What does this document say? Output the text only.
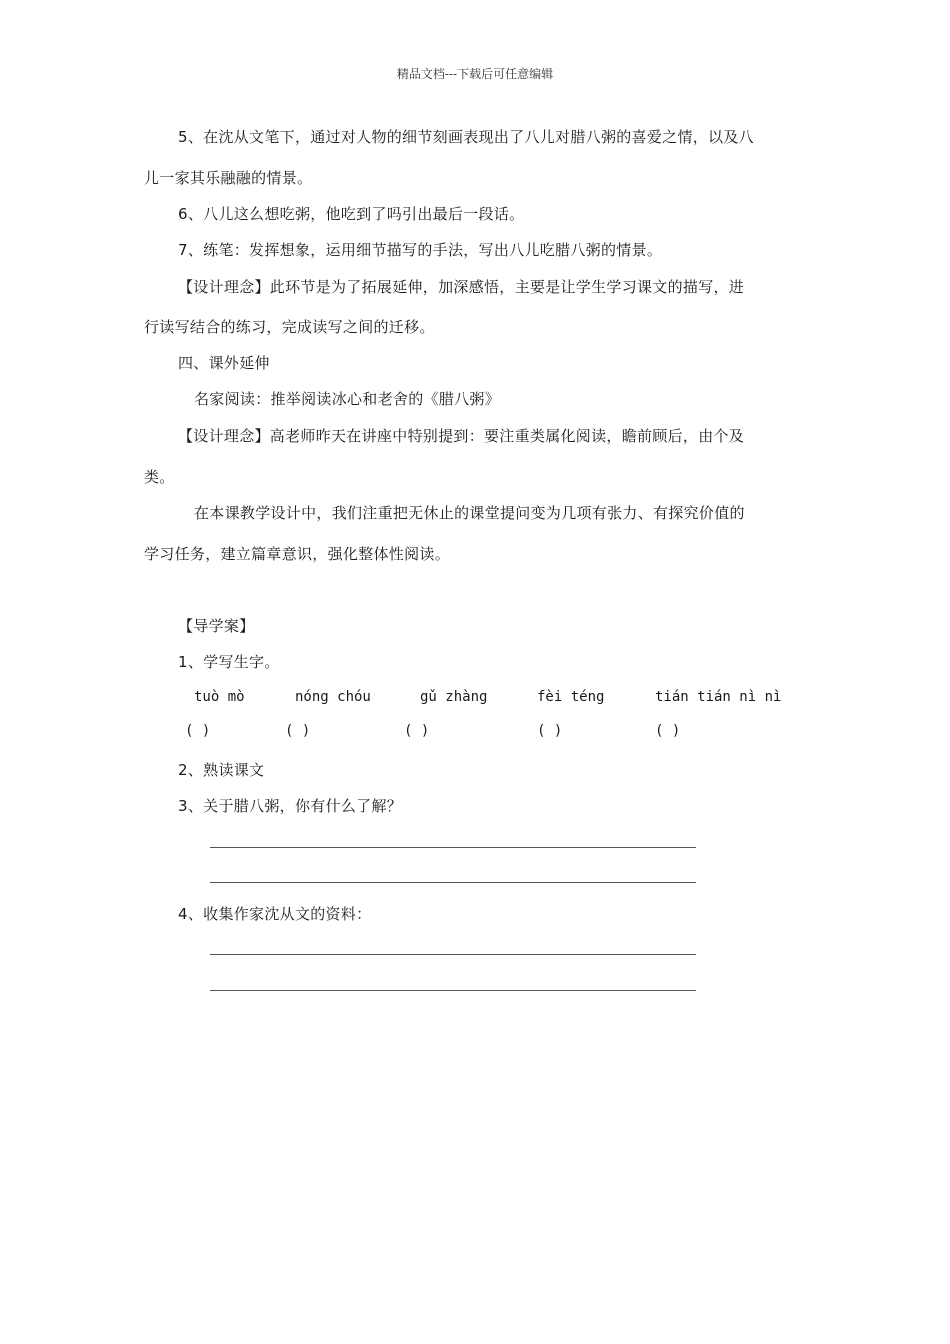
精品文档---下载后可任意编辑
5、在沈从文笔下，通过对人物的细节刻画表现出了八儿对腊八粥的喜爱之情，以及八
儿一家其乐融融的情景。
6、八儿这么想吃粥，他吃到了吗引出最后一段话。
7、练笔：发挥想象，运用细节描写的手法，写出八儿吃腊八粥的情景。
【设计理念】此环节是为了拓展延伸，加深感悟，主要是让学生学习课文的描写，进
行读写结合的练习，完成读写之间的迁移。
四、课外延伸
名家阅读：推举阅读冰心和老舍的《腊八粥》
【设计理念】高老师昨天在讲座中特别提到：要注重类属化阅读，瞻前顾后，由个及
类。
在本课教学设计中，我们注重把无休止的课堂提问变为几项有张力、有探究价值的
学习任务，建立篇章意识，强化整体性阅读。
【导学案】
1、学写生字。
tuò mò	nóng chóu	gǔ zhàng	fèi téng	tián tián nì nì
( )	( )	( )	( )	( )
2、熟读课文
3、关于腊八粥，你有什么了解？
4、收集作家沈从文的资料：
